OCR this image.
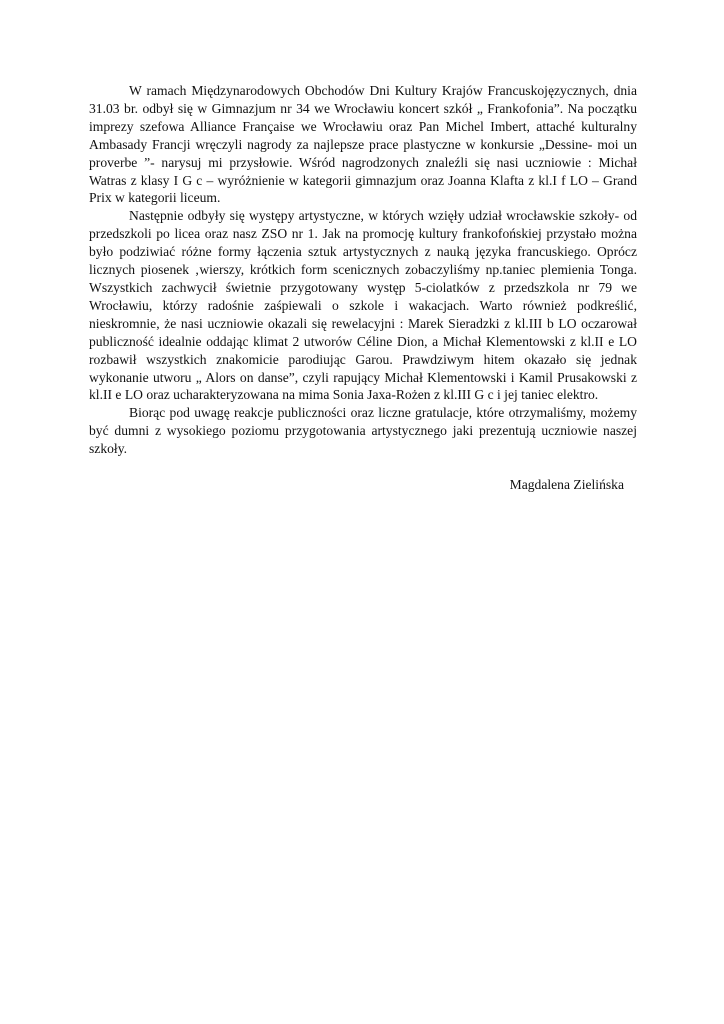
W ramach Międzynarodowych Obchodów Dni Kultury Krajów Francuskojęzycznych, dnia 31.03 br. odbył się w Gimnazjum nr 34 we Wrocławiu koncert szkół „ Frankofonia”. Na początku imprezy szefowa Alliance Française we Wrocławiu oraz Pan Michel Imbert, attaché kulturalny Ambasady Francji wręczyli nagrody za najlepsze prace plastyczne w konkursie „Dessine- moi un proverbe ”- narysuj mi przysłowie. Wśród nagrodzonych znaleźli się nasi uczniowie : Michał Watras z klasy I G c – wyróżnienie w kategorii gimnazjum oraz Joanna Klafta z kl.I f LO – Grand Prix w kategorii liceum.

Następnie odbyły się występy artystyczne, w których wzięły udział wrocławskie szkoły- od przedszkoli po licea oraz nasz ZSO nr 1. Jak na promocję kultury frankofońskiej przystało można było podziwiać różne formy łączenia sztuk artystycznych z nauką języka francuskiego. Oprócz licznych piosenek ‚wierszy, krótkich form scenicznych zobaczyliśmy np.taniec plemienia Tonga. Wszystkich zachwycił świetnie przygotowany występ 5-ciolatków z przedszkola nr 79 we Wrocławiu, którzy radośnie zaśpiewali o szkole i wakacjach. Warto również podkreślić, nieskromnie, że nasi uczniowie okazali się rewelacyjni : Marek Sieradzki z kl.III b LO oczarował publiczność idealnie oddając klimat 2 utworów Céline Dion, a Michał Klementowski z kl.II e LO rozbawił wszystkich znakomicie parodiując Garou. Prawdziwym hitem okazało się jednak wykonanie utworu „ Alors on danse”, czyli rapujący Michał Klementowski i Kamil Prusakowski z kl.II e LO oraz ucharakteryzowana na mima Sonia Jaxa-Rożen z kl.III G c i jej taniec elektro.

Biorąc pod uwagę reakcje publiczności oraz liczne gratulacje, które otrzymaliśmy, możemy być dumni z wysokiego poziomu przygotowania artystycznego jaki prezentują uczniowie naszej szkoły.

Magdalena Zielińska
